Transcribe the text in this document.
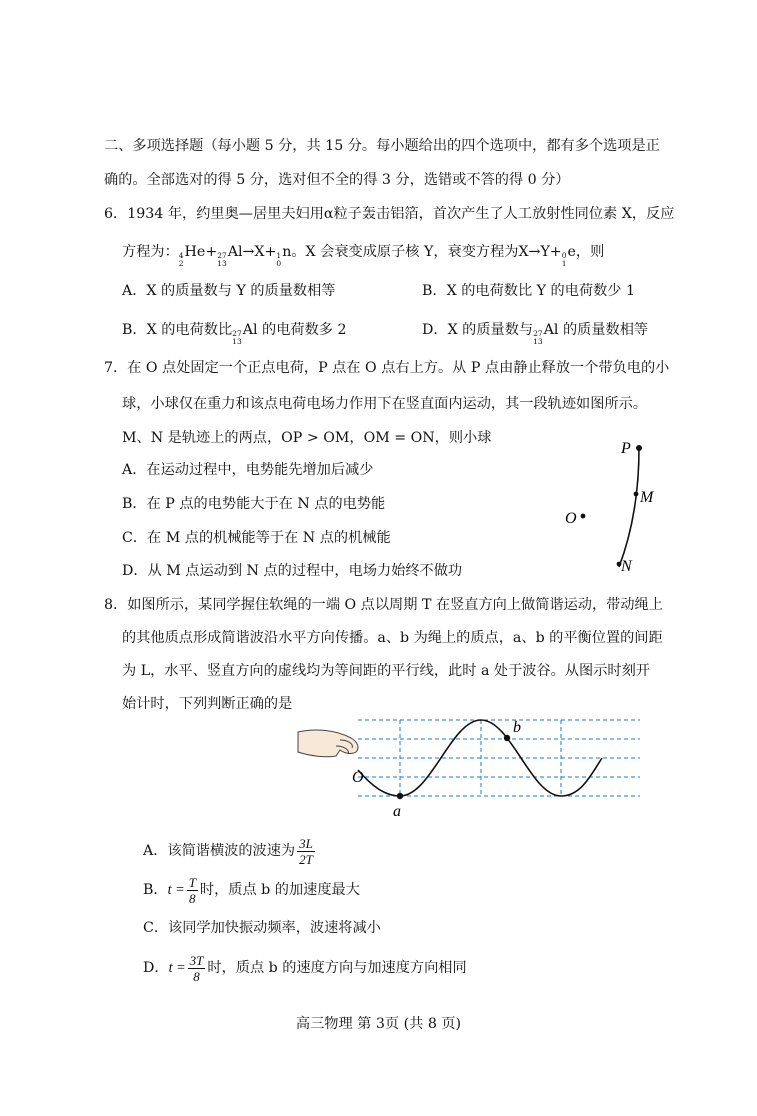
二、多项选择题（每小题 5 分，共 15 分。每小题给出的四个选项中，都有多个选项是正
确的。全部选对的得 5 分，选对但不全的得 3 分，选错或不答的得 0 分）
6．1934 年，约里奥—居里夫妇用α粒子轰击铝箔，首次产生了人工放射性同位素 X，反应
方程为： 4
2
He+ 27
13
Al→X+ 1
0
n。X 会衰变成原子核 Y，衰变方程为X→Y+ 0
1
e，则
A．X 的质量数与 Y 的质量数相等	B．X 的电荷数比 Y 的电荷数少 1
B．X 的电荷数比 27
13
Al 的电荷数多 2	D．X 的质量数与 27
13
Al 的质量数相等
7．在 O 点处固定一个正点电荷，P 点在 O 点右上方。从 P 点由静止释放一个带负电的小
球，小球仅在重力和该点电荷电场力作用下在竖直面内运动，其一段轨迹如图所示。
M、N 是轨迹上的两点，OP > OM，OM = ON，则小球
A．在运动过程中，电势能先增加后减少
B．在 P 点的电势能大于在 N 点的电势能
C．在 M 点的机械能等于在 N 点的机械能
D．从 M 点运动到 N 点的过程中，电场力始终不做功
P
M
O
N
8．如图所示，某同学握住软绳的一端 O 点以周期 T 在竖直方向上做简谐运动，带动绳上
的其他质点形成简谐波沿水平方向传播。a、b 为绳上的质点，a、b 的平衡位置的间距
为 L，水平、竖直方向的虚线均为等间距的平行线，此时 a 处于波谷。从图示时刻开
始计时，下列判断正确的是
O
a
b
A．该简谐横波的波速为 $\frac{3L}{2T}$
B．$t = \frac{T}{8}$ 时，质点 b 的加速度最大
C．该同学加快振动频率，波速将减小
D．$t = \frac{3T}{8}$ 时，质点 b 的速度方向与加速度方向相同
高三物理 第 3页 (共 8 页)
